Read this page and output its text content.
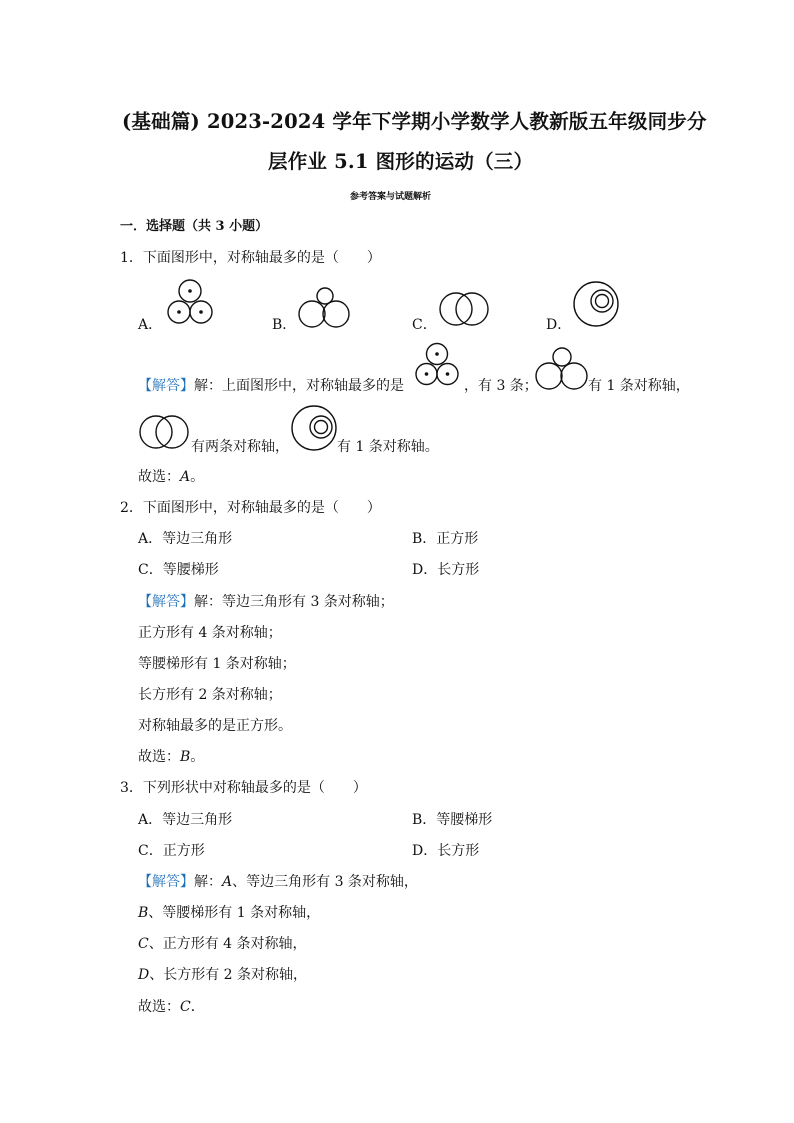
(基础篇) 2023-2024 学年下学期小学数学人教新版五年级同步分
层作业 5.1 图形的运动（三）
参考答案与试题解析
一．选择题（共 3 小题）
1．下面图形中，对称轴最多的是（　　）
A．	B．	C．	D．
【解答】解：上面图形中，对称轴最多的是	，有 3 条；	有 1 条对称轴，
有两条对称轴，	有 1 条对称轴。
故选：A。
2．下面图形中，对称轴最多的是（　　）
A．等边三角形	B．正方形
C．等腰梯形	D．长方形
【解答】解：等边三角形有 3 条对称轴；
正方形有 4 条对称轴；
等腰梯形有 1 条对称轴；
长方形有 2 条对称轴；
对称轴最多的是正方形。
故选：B。
3．下列形状中对称轴最多的是（　　）
A．等边三角形	B．等腰梯形
C．正方形	D．长方形
【解答】解：A、等边三角形有 3 条对称轴，
B、等腰梯形有 1 条对称轴，
C、正方形有 4 条对称轴，
D、长方形有 2 条对称轴，
故选：C．
